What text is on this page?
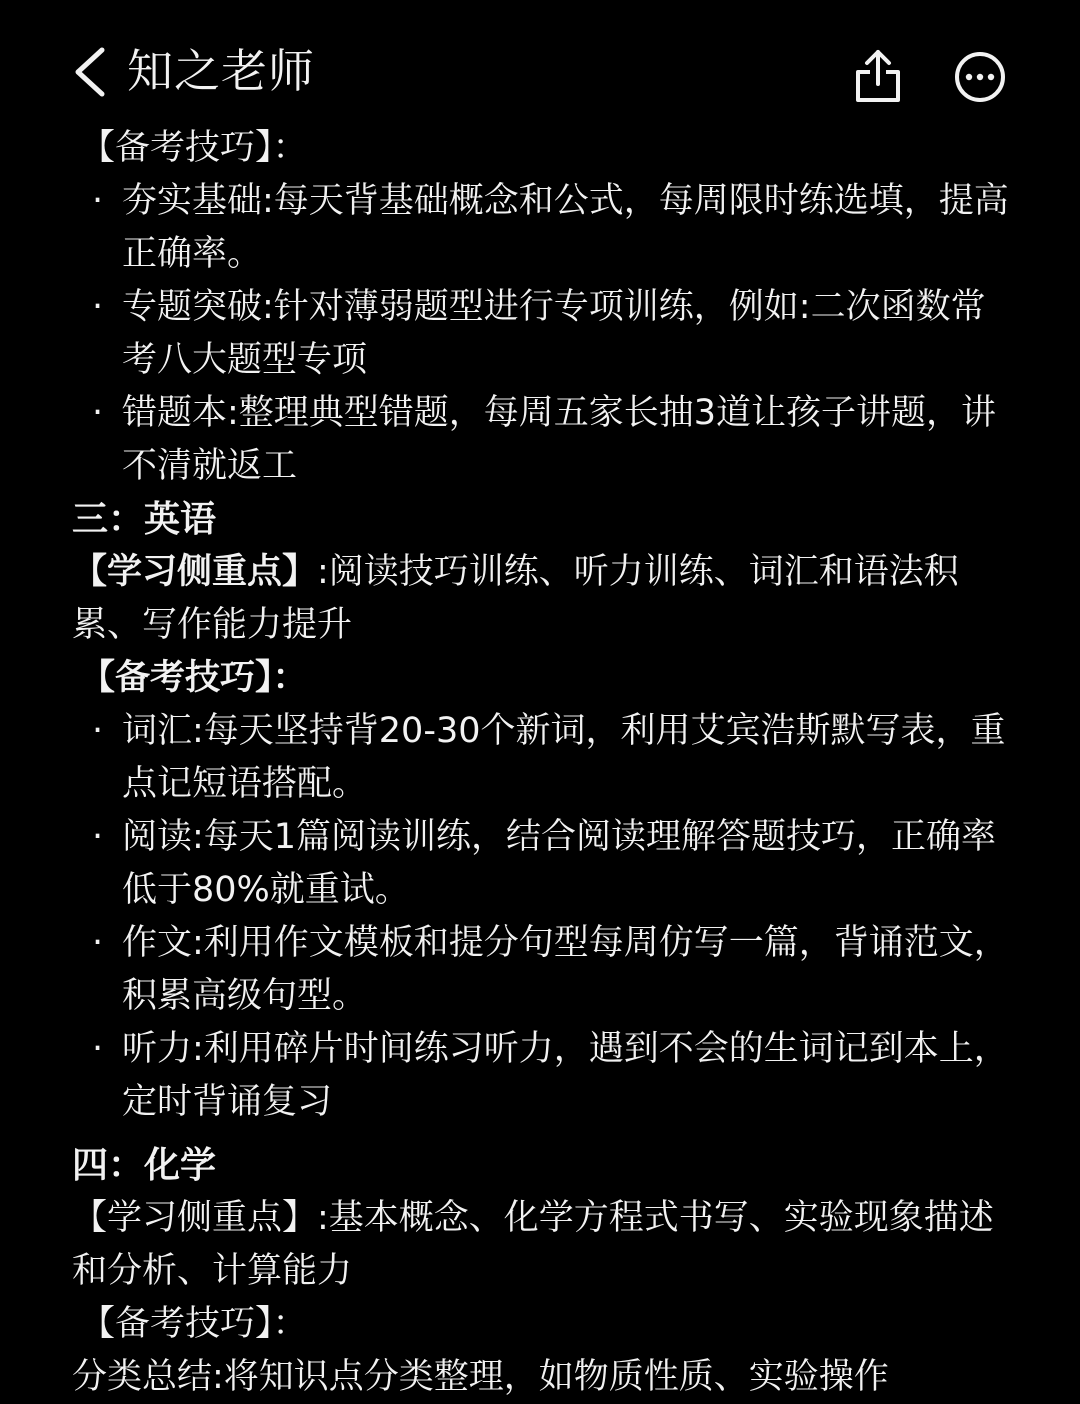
知之老师

【备考技巧】：

· 夯实基础:每天背基础概念和公式，每周限时练选填，提高正确率。

· 专题突破:针对薄弱题型进行专项训练，例如:二次函数常考八大题型专项

· 错题本:整理典型错题，每周五家长抽3道让孩子讲题，讲不清就返工

三：英语

【学习侧重点】:阅读技巧训练、听力训练、词汇和语法积累、写作能力提升

【备考技巧】：

· 词汇:每天坚持背20-30个新词，利用艾宾浩斯默写表，重点记短语搭配。

· 阅读:每天1篇阅读训练，结合阅读理解答题技巧，正确率低于80%就重试。

· 作文:利用作文模板和提分句型每周仿写一篇，背诵范文，积累高级句型。

· 听力:利用碎片时间练习听力，遇到不会的生词记到本上，定时背诵复习

四：化学

【学习侧重点】:基本概念、化学方程式书写、实验现象描述和分析、计算能力

【备考技巧】：

分类总结:将知识点分类整理，如物质性质、实验操作
